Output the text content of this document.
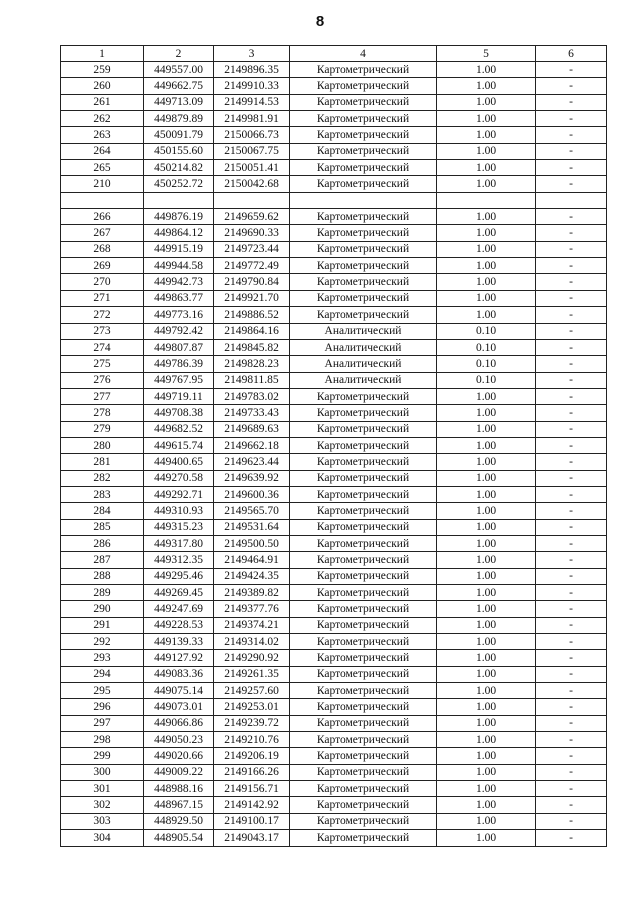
8
1	2	3	4	5	6
259	449557.00	2149896.35	Картометрический	1.00	-
260	449662.75	2149910.33	Картометрический	1.00	-
261	449713.09	2149914.53	Картометрический	1.00	-
262	449879.89	2149981.91	Картометрический	1.00	-
263	450091.79	2150066.73	Картометрический	1.00	-
264	450155.60	2150067.75	Картометрический	1.00	-
265	450214.82	2150051.41	Картометрический	1.00	-
210	450252.72	2150042.68	Картометрический	1.00	-

266	449876.19	2149659.62	Картометрический	1.00	-
267	449864.12	2149690.33	Картометрический	1.00	-
268	449915.19	2149723.44	Картометрический	1.00	-
269	449944.58	2149772.49	Картометрический	1.00	-
270	449942.73	2149790.84	Картометрический	1.00	-
271	449863.77	2149921.70	Картометрический	1.00	-
272	449773.16	2149886.52	Картометрический	1.00	-
273	449792.42	2149864.16	Аналитический	0.10	-
274	449807.87	2149845.82	Аналитический	0.10	-
275	449786.39	2149828.23	Аналитический	0.10	-
276	449767.95	2149811.85	Аналитический	0.10	-
277	449719.11	2149783.02	Картометрический	1.00	-
278	449708.38	2149733.43	Картометрический	1.00	-
279	449682.52	2149689.63	Картометрический	1.00	-
280	449615.74	2149662.18	Картометрический	1.00	-
281	449400.65	2149623.44	Картометрический	1.00	-
282	449270.58	2149639.92	Картометрический	1.00	-
283	449292.71	2149600.36	Картометрический	1.00	-
284	449310.93	2149565.70	Картометрический	1.00	-
285	449315.23	2149531.64	Картометрический	1.00	-
286	449317.80	2149500.50	Картометрический	1.00	-
287	449312.35	2149464.91	Картометрический	1.00	-
288	449295.46	2149424.35	Картометрический	1.00	-
289	449269.45	2149389.82	Картометрический	1.00	-
290	449247.69	2149377.76	Картометрический	1.00	-
291	449228.53	2149374.21	Картометрический	1.00	-
292	449139.33	2149314.02	Картометрический	1.00	-
293	449127.92	2149290.92	Картометрический	1.00	-
294	449083.36	2149261.35	Картометрический	1.00	-
295	449075.14	2149257.60	Картометрический	1.00	-
296	449073.01	2149253.01	Картометрический	1.00	-
297	449066.86	2149239.72	Картометрический	1.00	-
298	449050.23	2149210.76	Картометрический	1.00	-
299	449020.66	2149206.19	Картометрический	1.00	-
300	449009.22	2149166.26	Картометрический	1.00	-
301	448988.16	2149156.71	Картометрический	1.00	-
302	448967.15	2149142.92	Картометрический	1.00	-
303	448929.50	2149100.17	Картометрический	1.00	-
304	448905.54	2149043.17	Картометрический	1.00	-
